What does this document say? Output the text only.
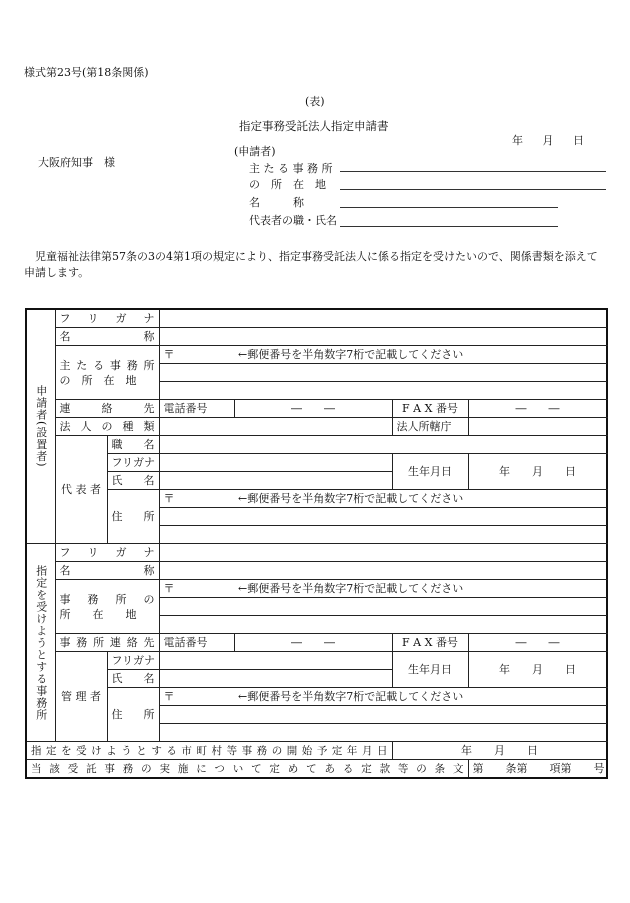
様式第23号(第18条関係)
(表)
指定事務受託法人指定申請書
年 月 日
大阪府知事　様
(申請者)
主 た る 事 務 所
の　所　在　地
名　　　称
代表者の職・氏名
児童福祉法律第57条の3の4第1項の規定により、指定事務受託法人に係る指定を受けたいので、関係書類を添えて申請します。
申請者(設置者)	フ　リ　ガ　ナ					
	名　　　　称					

	主たる事務所
の　所　在　地		〒	←郵便番号を半角数字7桁で記載してください		

	連　　絡　　先		電話番号	―　　―	F A X 番号	―　　―
	法 人 の 種 類				法人所轄庁	
	代 表 者	職　名				
		フリガナ			生年月日	年　　月　　日
		氏　名				
		住　所	〒	←郵便番号を半角数字7桁で記載してください		

指定を受けようとする事務所	フ　リ　ガ　ナ					
	名　　　　称					

	事　務　所　の
所　　在　　地		〒	←郵便番号を半角数字7桁で記載してください		

	事務所連絡先		電話番号	―　　―	F A X 番号	―　　―
	管 理 者	フリガナ			生年月日	年　　月　　日
		氏　名				
		住　所	〒	←郵便番号を半角数字7桁で記載してください		

指定を受けようとする市町村等事務の開始予定年月日					年　　月　　日	
当該受託事務の実施について定めてある定款等の条文						第　　条第　　項第　　号
